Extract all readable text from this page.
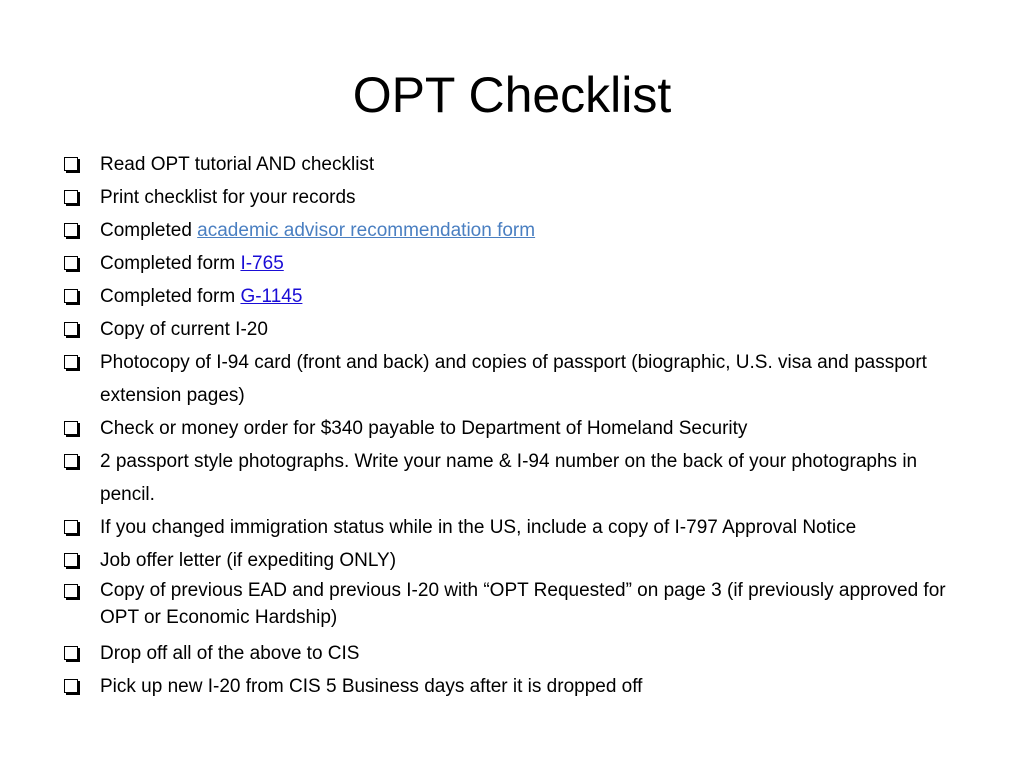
OPT Checklist
Read OPT tutorial AND checklist
Print checklist for your records
Completed academic advisor recommendation form
Completed form I-765
Completed form G-1145
Copy of current I-20
Photocopy of I-94 card (front and back) and copies of passport (biographic, U.S. visa and passport extension pages)
Check or money order for $340 payable to Department of Homeland Security
2 passport style photographs. Write your name & I-94 number on the back of your photographs in pencil.
If you changed immigration status while in the US, include a copy of I-797 Approval Notice
Job offer letter (if expediting ONLY)
Copy of previous EAD and previous I-20 with “OPT Requested” on page 3 (if previously approved for OPT or Economic Hardship)
Drop off all of the above to CIS
Pick up new I-20 from CIS 5 Business days after it is dropped off
